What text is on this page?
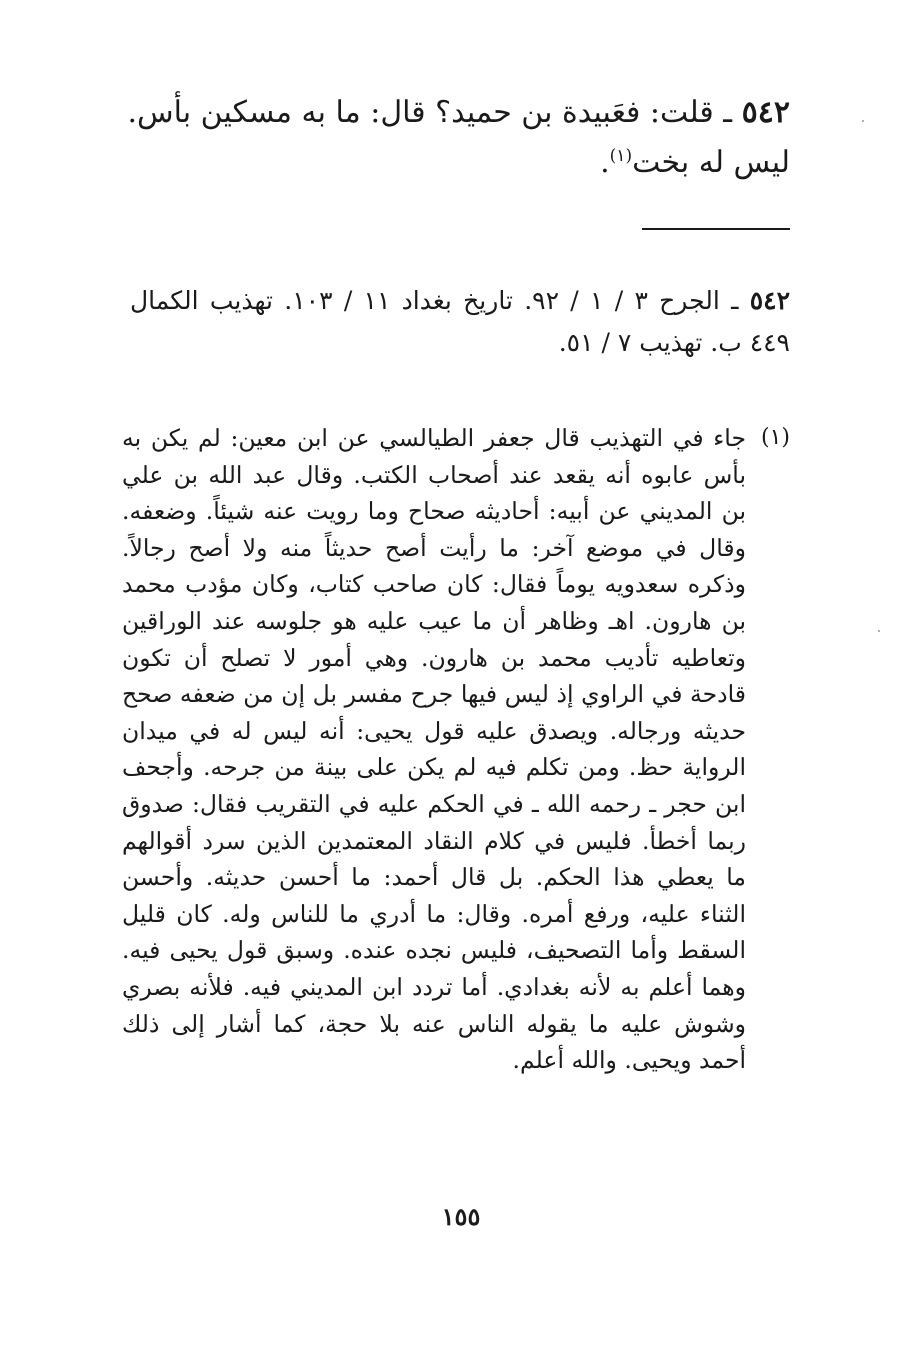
٥٤٢ ـ قلت: فعَبيدة بن حميد؟ قال: ما به مسكين بأس.
ليس له بخت$^{(١)}$.
٥٤٢ ـ الجرح ٣ / ١ / ٩٢. تاريخ بغداد ١١ / ١٠٣. تهذيب الكمال ٤٤٩ ب. تهذيب ٧ / ٥١.
(١)
جاء في التهذيب قال جعفر الطيالسي عن ابن معين: لم يكن به بأس عابوه أنه يقعد عند أصحاب الكتب. وقال عبد الله بن علي بن المديني عن أبيه: أحاديثه صحاح وما رويت عنه شيئاً. وضعفه. وقال في موضع آخر: ما رأيت أصح حديثاً منه ولا أصح رجالاً. وذكره سعدويه يوماً فقال: كان صاحب كتاب، وكان مؤدب محمد بن هارون. اهـ وظاهر أن ما عيب عليه هو جلوسه عند الوراقين وتعاطيه تأديب محمد بن هارون. وهي أمور لا تصلح أن تكون قادحة في الراوي إذ ليس فيها جرح مفسر بل إن من ضعفه صحح حديثه ورجاله. ويصدق عليه قول يحيى: أنه ليس له في ميدان الرواية حظ. ومن تكلم فيه لم يكن على بينة من جرحه. وأجحف ابن حجر ـ رحمه الله ـ في الحكم عليه في التقريب فقال: صدوق ربما أخطأ. فليس في كلام النقاد المعتمدين الذين سرد أقوالهم ما يعطي هذا الحكم. بل قال أحمد: ما أحسن حديثه. وأحسن الثناء عليه، ورفع أمره. وقال: ما أدري ما للناس وله. كان قليل السقط وأما التصحيف، فليس نجده عنده. وسبق قول يحيى فيه. وهما أعلم به لأنه بغدادي. أما تردد ابن المديني فيه. فلأنه بصري وشوش عليه ما يقوله الناس عنه بلا حجة، كما أشار إلى ذلك أحمد ويحيى. والله أعلم.
١٥٥
